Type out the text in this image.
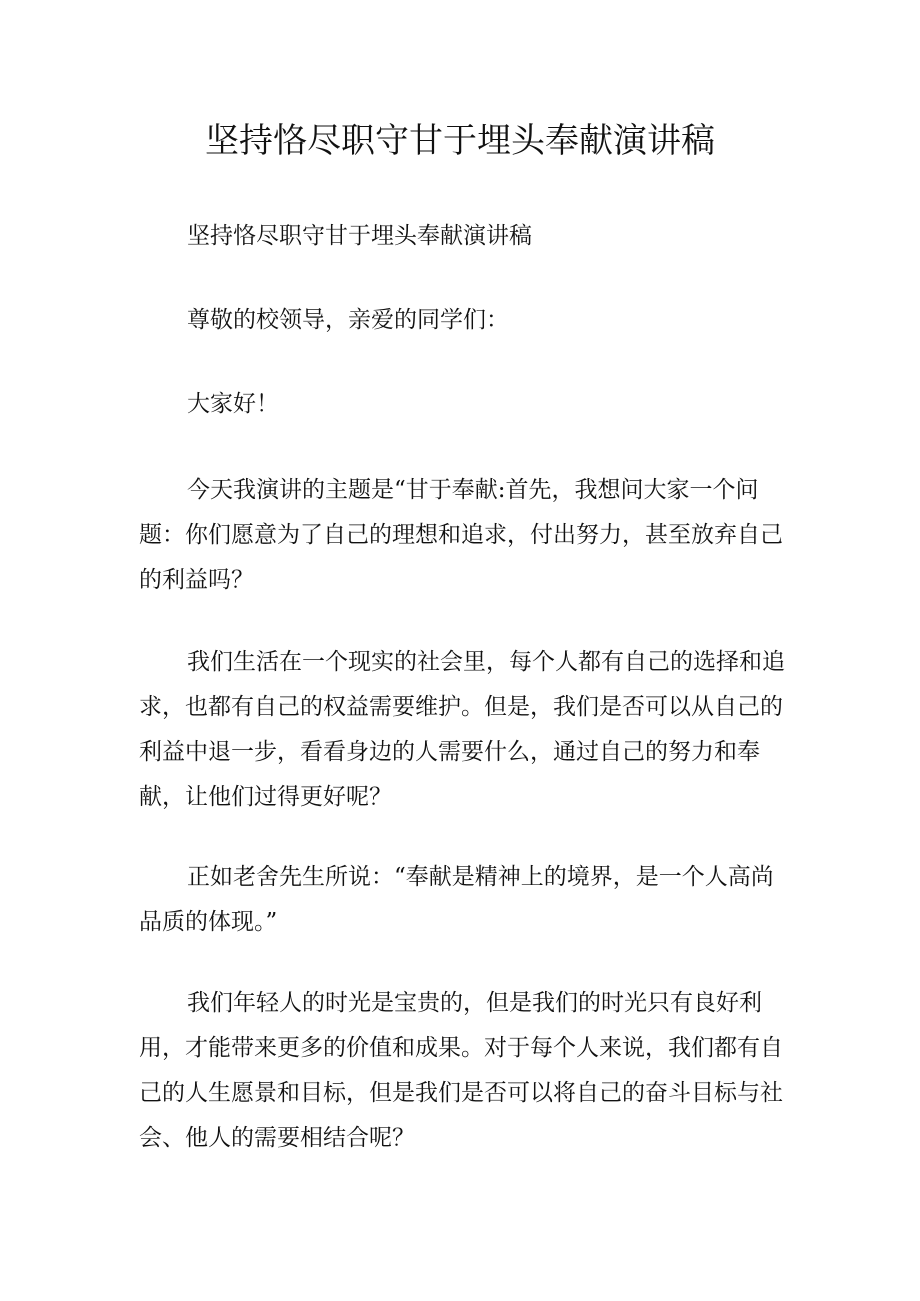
坚持恪尽职守甘于埋头奉献演讲稿

坚持恪尽职守甘于埋头奉献演讲稿

尊敬的校领导，亲爱的同学们：

大家好！

今天我演讲的主题是“甘于奉献:首先，我想问大家一个问题：你们愿意为了自己的理想和追求，付出努力，甚至放弃自己的利益吗？

我们生活在一个现实的社会里，每个人都有自己的选择和追求，也都有自己的权益需要维护。但是，我们是否可以从自己的利益中退一步，看看身边的人需要什么，通过自己的努力和奉献，让他们过得更好呢？

正如老舍先生所说：“奉献是精神上的境界，是一个人高尚品质的体现。”

我们年轻人的时光是宝贵的，但是我们的时光只有良好利用，才能带来更多的价值和成果。对于每个人来说，我们都有自己的人生愿景和目标，但是我们是否可以将自己的奋斗目标与社会、他人的需要相结合呢？
